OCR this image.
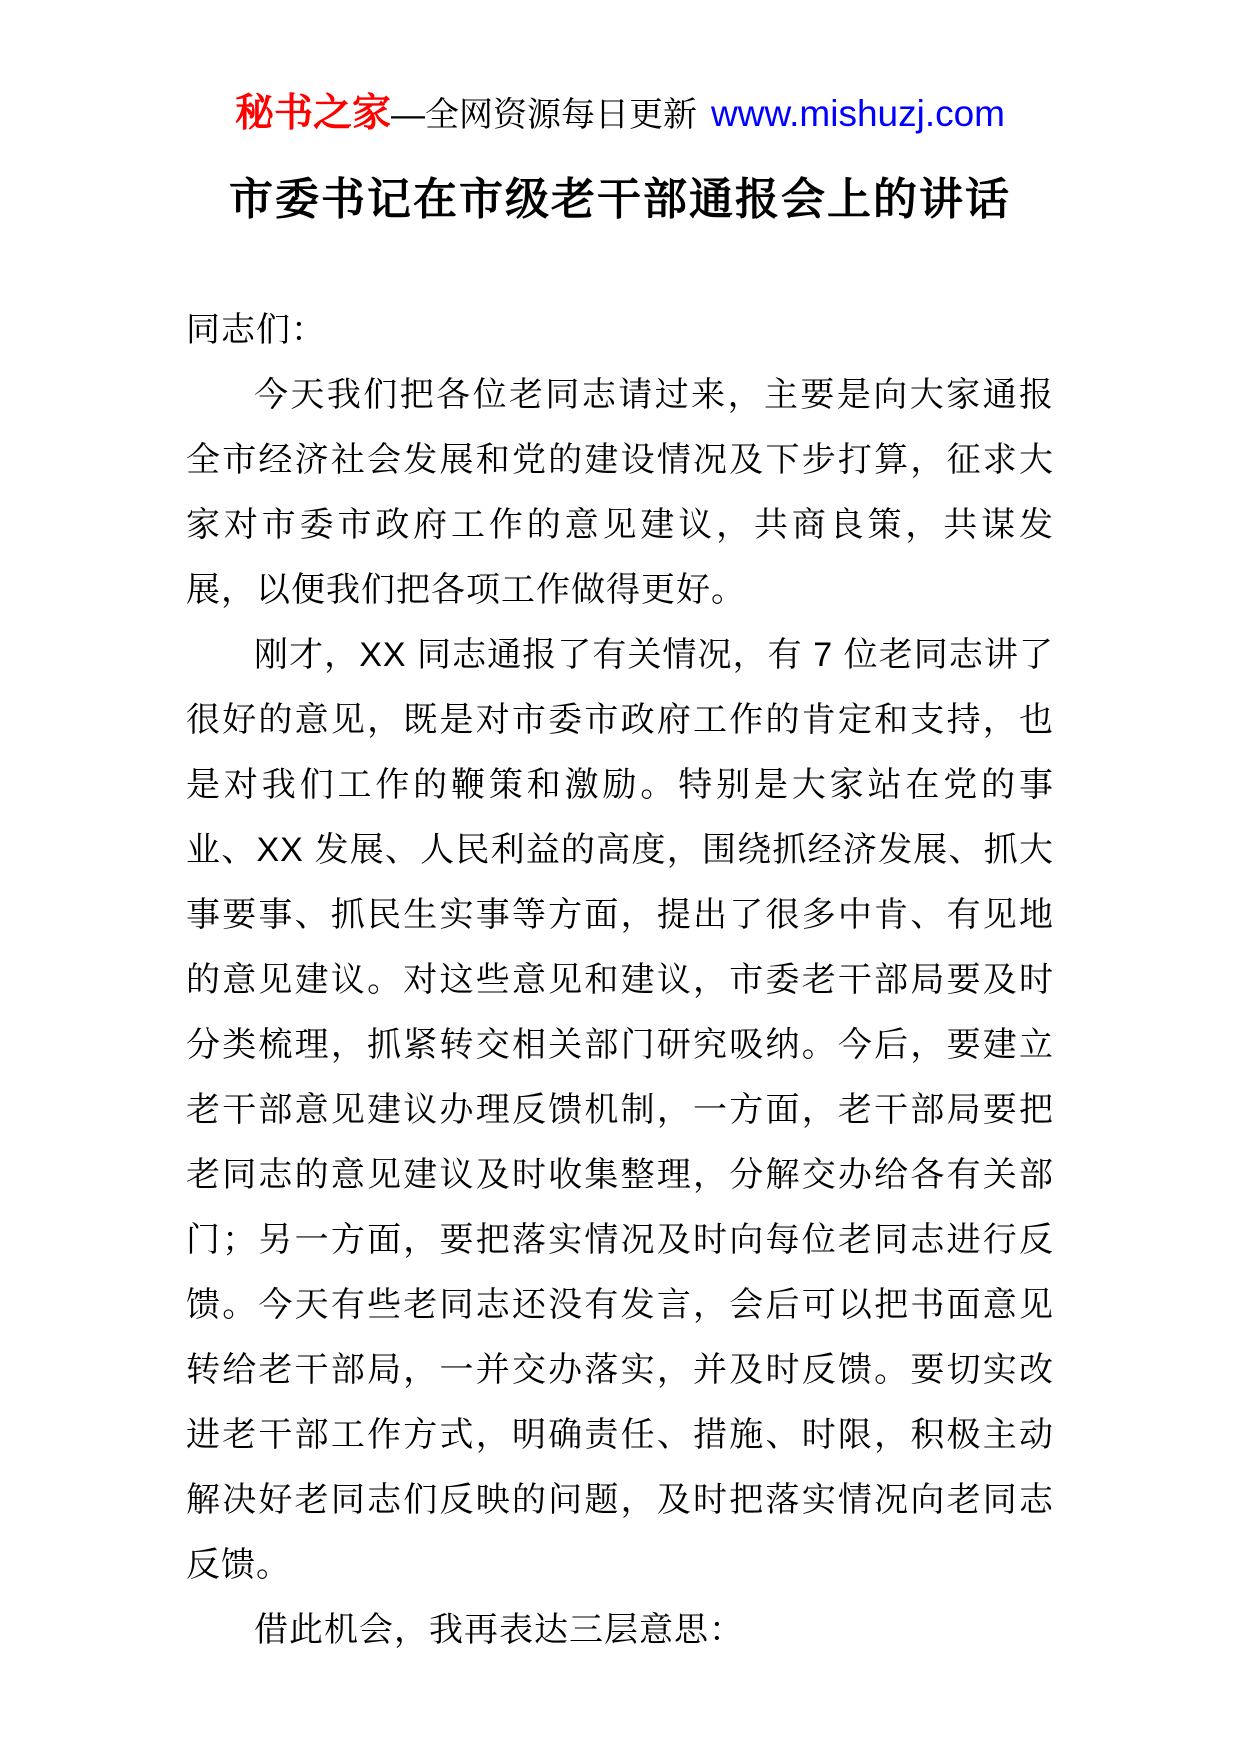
秘书之家—全网资源每日更新 www.mishuzj.com
市委书记在市级老干部通报会上的讲话

同志们：

今天我们把各位老同志请过来，主要是向大家通报全市经济社会发展和党的建设情况及下步打算，征求大家对市委市政府工作的意见建议，共商良策，共谋发展，以便我们把各项工作做得更好。

刚才，XX 同志通报了有关情况，有 7 位老同志讲了很好的意见，既是对市委市政府工作的肯定和支持，也是对我们工作的鞭策和激励。特别是大家站在党的事业、XX 发展、人民利益的高度，围绕抓经济发展、抓大事要事、抓民生实事等方面，提出了很多中肯、有见地的意见建议。对这些意见和建议，市委老干部局要及时分类梳理，抓紧转交相关部门研究吸纳。今后，要建立老干部意见建议办理反馈机制，一方面，老干部局要把老同志的意见建议及时收集整理，分解交办给各有关部门；另一方面，要把落实情况及时向每位老同志进行反馈。今天有些老同志还没有发言，会后可以把书面意见转给老干部局，一并交办落实，并及时反馈。要切实改进老干部工作方式，明确责任、措施、时限，积极主动解决好老同志们反映的问题，及时把落实情况向老同志反馈。

借此机会，我再表达三层意思：
